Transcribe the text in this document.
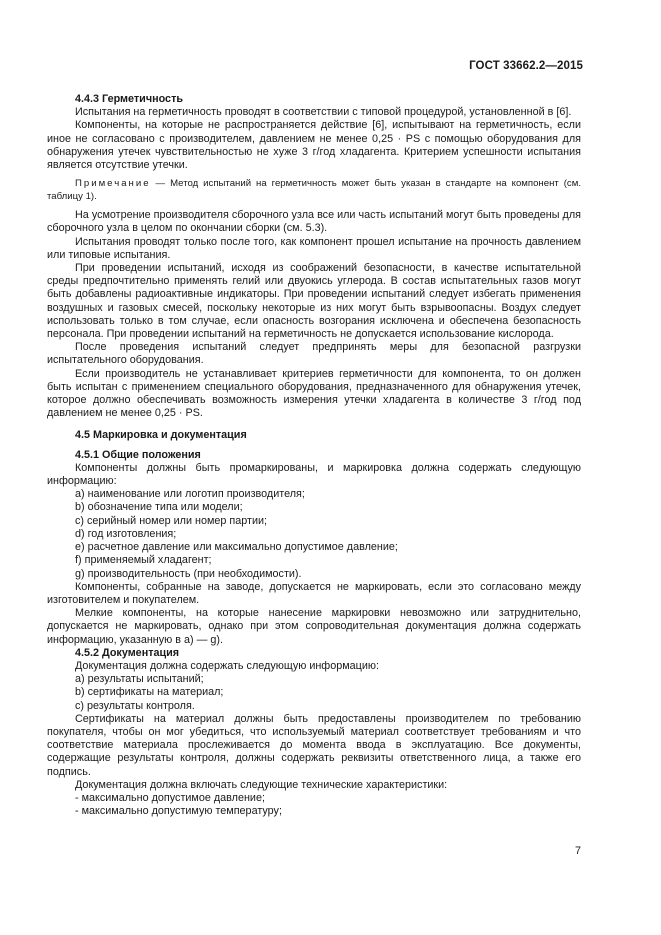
ГОСТ 33662.2—2015

4.4.3 Герметичность

Испытания на герметичность проводят в соответствии с типовой процедурой, установленной в [6].

Компоненты, на которые не распространяется действие [6], испытывают на герметичность, если иное не согласовано с производителем, давлением не менее 0,25 · PS с помощью оборудования для обнаружения утечек чувствительностью не хуже 3 г/год хладагента. Критерием успешности испытания является отсутствие утечки.

Примечание — Метод испытаний на герметичность может быть указан в стандарте на компонент (см. таблицу 1).

На усмотрение производителя сборочного узла все или часть испытаний могут быть проведены для сборочного узла в целом по окончании сборки (см. 5.3).

Испытания проводят только после того, как компонент прошел испытание на прочность давлением или типовые испытания.

При проведении испытаний, исходя из соображений безопасности, в качестве испытательной среды предпочтительно применять гелий или двуокись углерода. В состав испытательных газов могут быть добавлены радиоактивные индикаторы. При проведении испытаний следует избегать применения воздушных и газовых смесей, поскольку некоторые из них могут быть взрывоопасны. Воздух следует использовать только в том случае, если опасность возгорания исключена и обеспечена безопасность персонала. При проведении испытаний на герметичность не допускается использование кислорода.

После проведения испытаний следует предпринять меры для безопасной разгрузки испытательного оборудования.

Если производитель не устанавливает критериев герметичности для компонента, то он должен быть испытан с применением специального оборудования, предназначенного для обнаружения утечек, которое должно обеспечивать возможность измерения утечки хладагента в количестве 3 г/год под давлением не менее 0,25 · PS.

4.5 Маркировка и документация

4.5.1 Общие положения

Компоненты должны быть промаркированы, и маркировка должна содержать следующую информацию:

a) наименование или логотип производителя;

b) обозначение типа или модели;

c) серийный номер или номер партии;

d) год изготовления;

e) расчетное давление или максимально допустимое давление;

f) применяемый хладагент;

g) производительность (при необходимости).

Компоненты, собранные на заводе, допускается не маркировать, если это согласовано между изготовителем и покупателем.

Мелкие компоненты, на которые нанесение маркировки невозможно или затруднительно, допускается не маркировать, однако при этом сопроводительная документация должна содержать информацию, указанную в a) — g).

4.5.2 Документация

Документация должна содержать следующую информацию:

a) результаты испытаний;

b) сертификаты на материал;

c) результаты контроля.

Сертификаты на материал должны быть предоставлены производителем по требованию покупателя, чтобы он мог убедиться, что используемый материал соответствует требованиям и что соответствие материала прослеживается до момента ввода в эксплуатацию. Все документы, содержащие результаты контроля, должны содержать реквизиты ответственного лица, а также его подпись.

Документация должна включать следующие технические характеристики:

- максимально допустимое давление;

- максимально допустимую температуру;

7
